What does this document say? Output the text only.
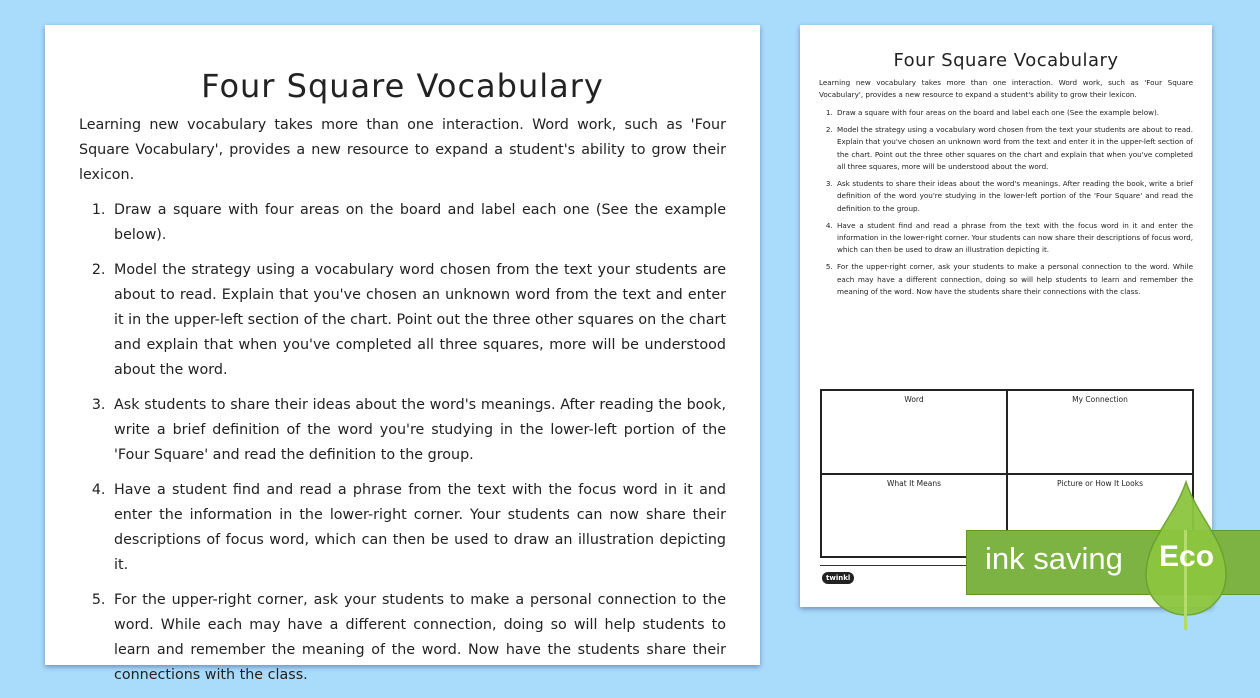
Four Square Vocabulary

Learning new vocabulary takes more than one interaction. Word work, such as 'Four Square Vocabulary', provides a new resource to expand a student's ability to grow their lexicon.

1. Draw a square with four areas on the board and label each one (See the example below).
2. Model the strategy using a vocabulary word chosen from the text your students are about to read. Explain that you've chosen an unknown word from the text and enter it in the upper-left section of the chart. Point out the three other squares on the chart and explain that when you've completed all three squares, more will be understood about the word.
3. Ask students to share their ideas about the word's meanings. After reading the book, write a brief definition of the word you're studying in the lower-left portion of the 'Four Square' and read the definition to the group.
4. Have a student find and read a phrase from the text with the focus word in it and enter the information in the lower-right corner. Your students can now share their descriptions of focus word, which can then be used to draw an illustration depicting it.
5. For the upper-right corner, ask your students to make a personal connection to the word. While each may have a different connection, doing so will help students to learn and remember the meaning of the word. Now have the students share their connections with the class.
Four Square Vocabulary

Learning new vocabulary takes more than one interaction. Word work, such as 'Four Square Vocabulary', provides a new resource to expand a student's ability to grow their lexicon.

1. Draw a square with four areas on the board and label each one (See the example below).
2. Model the strategy using a vocabulary word chosen from the text your students are about to read. Explain that you've chosen an unknown word from the text and enter it in the upper-left section of the chart. Point out the three other squares on the chart and explain that when you've completed all three squares, more will be understood about the word.
3. Ask students to share their ideas about the word's meanings. After reading the book, write a brief definition of the word you're studying in the lower-left portion of the 'Four Square' and read the definition to the group.
4. Have a student find and read a phrase from the text with the focus word in it and enter the information in the lower-right corner. Your students can now share their descriptions of focus word, which can then be used to draw an illustration depicting it.
5. For the upper-right corner, ask your students to make a personal connection to the word. While each may have a different connection, doing so will help students to learn and remember the meaning of the word. Now have the students share their connections with the class.
Word	My Connection
What It Means	Picture or How It Looks
twinkl
ink saving Eco
